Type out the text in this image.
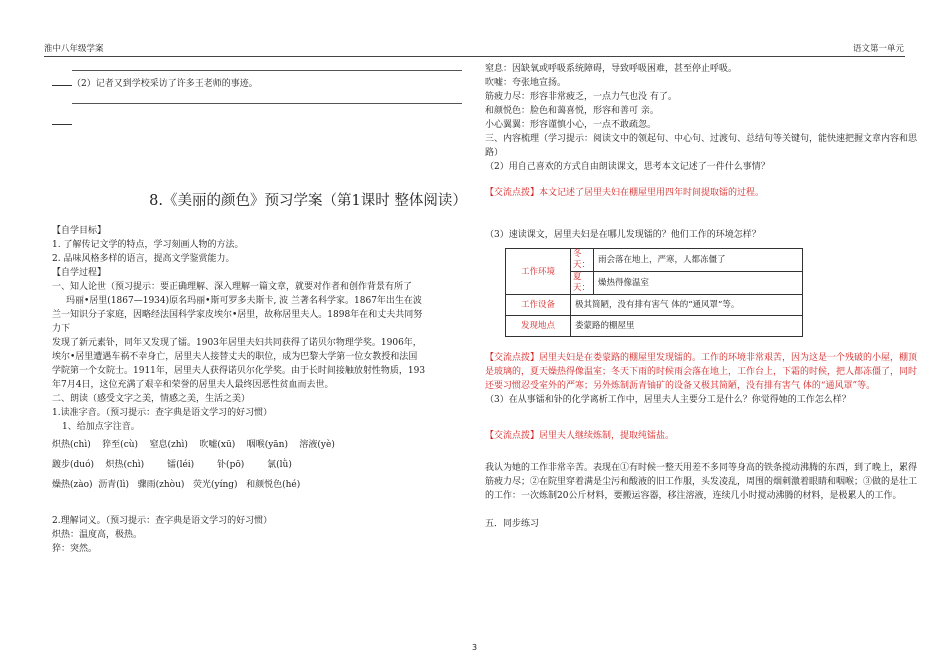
淮中八年级学案	语文第一单元
（2）记者又到学校采访了许多王老师的事迹。
8.《美丽的颜色》预习学案（第1课时 整体阅读）
【自学目标】
1. 了解传记文学的特点，学习刻画人物的方法。
2. 品味风格多样的语言，提高文学鉴赏能力。
【自学过程】
一、知人论世（预习提示：要正确理解、深入理解一篇文章，就要对作者和创作背景有所了
玛丽•居里(1867—1934)原名玛丽•斯可罗多夫斯卡, 波 兰著名科学家。1867年出生在波
兰一知识分子家庭，因略经法国科学家皮埃尔•居里，故称居里夫人。1898年在和丈夫共同努
力下
发现了新元素钋，同年又发现了镭。1903年居里夫妇共同获得了诺贝尔物理学奖。1906年，
埃尔•居里遭遇车祸不幸身亡，居里夫人接替丈夫的职位，成为巴黎大学第一位女教授和法国
学院第一个女院士。1911年，居里夫人获得诺贝尔化学奖。由于长时间接触放射性物质，193
年7月4日，这位充满了艰辛和荣誉的居里夫人最终因恶性贫血而去世。
二、朗读（感受文字之美，情感之美，生活之美）
1.读准字音。（预习提示：查字典是语文学习的好习惯）
1、给加点字注音。
炽热(chì)    猝至(cù)    窒息(zhì)    吹嘘(xū)    咽喉(yān)    溶液(yè)
踱步(duó)    炽热(chì)        镭(léi)        钋(pō)        氯(lǜ)
燥热(zào)  沥青(lì)   骤雨(zhòu)   荧光(yíng)   和颜悦色(hé)
2.理解词义。（预习提示：查字典是语文学习的好习惯）
炽热：温度高，极热。
猝：突然。
窒息：因缺氧或呼吸系统障碍，导致呼吸困难，甚至停止呼吸。
吹嘘：夸张地宣扬。
筋疲力尽：形容非常疲乏，一点力气也没 有了。
和颜悦色：脸色和蔼喜悦，形容和善可 亲。
小心翼翼：形容谨慎小心，一点不敢疏忽。
三、内容梳理（学习提示：阅读文中的领起句、中心句、过渡句、总结句等关键句，能快速把握文章内容和思路）
（2）用自己喜欢的方式自由朗读课文，思考本文记述了一件什么事情？
【交流点拨】本文记述了居里夫妇在棚屋里用四年时间提取镭的过程。
（3）速读课文，居里夫妇是在哪儿发现镭的？他们工作的环境怎样？
工作环境	冬天：	雨会落在地上，严寒，人都冻僵了
	夏天：	燥热得像温室
工作设备	极其简陋，没有排有害气 体的“通风罩”等。	
发现地点	娄蒙路的棚屋里	
【交流点拨】居里夫妇是在娄蒙路的棚屋里发现镭的。工作的环境非常艰苦，因为这是一个残破的小屋，棚顶是玻璃的，夏天燥热得像温室；冬天下雨的时候雨会落在地上，工作台上，下霜的时候，把人都冻僵了，同时还要习惯忍受室外的严寒；另外炼制沥青铀矿的设备又极其简陋，没有排有害气 体的“通风罩”等。
（3）在从事镭和钋的化学离析工作中，居里夫人主要分工是什么？你觉得她的工作怎么样？
【交流点拨】居里夫人继续炼制，提取纯镭盐。
我认为她的工作非常辛苦。表现在①有时候一整天用差不多同等身高的铁条搅动沸腾的东西，到了晚上，累得筋疲力尽；②在院里穿着满是尘污和酸液的旧工作服，头发凌乱，周围的烟刺激着眼睛和咽喉；③做的是壮工的工作：一次炼制20公斤材料，要搬运容器，移注溶液，连续几小时搅动沸腾的材料，是极累人的工作。
五．同步练习
3
